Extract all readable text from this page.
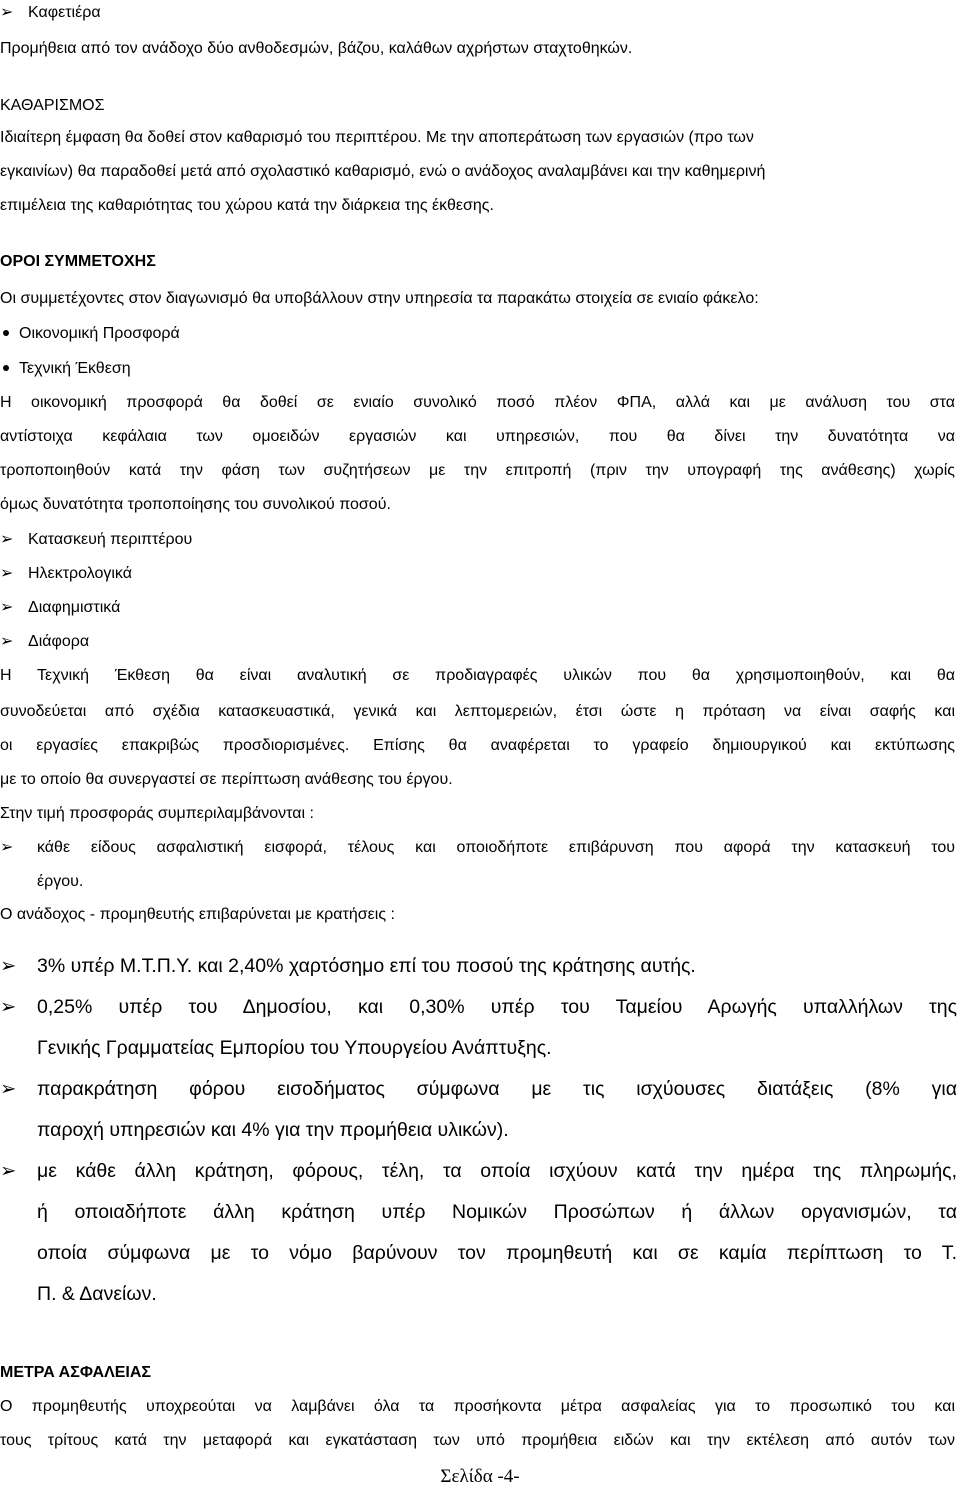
➢ Καφετιέρα
Προμήθεια από τον ανάδοχο δύο ανθοδεσμών, βάζου, καλάθων αχρήστων σταχτοθηκών.
ΚΑΘΑΡΙΣΜΟΣ
Ιδιαίτερη έμφαση θα δοθεί στον καθαρισμό του περιπτέρου. Με την αποπεράτωση των εργασιών (προ των
εγκαινίων) θα παραδοθεί μετά από σχολαστικό καθαρισμό, ενώ ο ανάδοχος αναλαμβάνει και την καθημερινή
επιμέλεια της καθαριότητας του χώρου κατά την διάρκεια της έκθεσης.
ΟΡΟΙ ΣΥΜΜΕΤΟΧΗΣ
Οι συμμετέχοντες στον διαγωνισμό θα υποβάλλουν στην υπηρεσία τα παρακάτω στοιχεία σε ενιαίο φάκελο:
Οικονομική Προσφορά
Τεχνική Έκθεση
Η οικονομική προσφορά θα δοθεί σε ενιαίο συνολικό ποσό πλέον ΦΠΑ, αλλά και με ανάλυση του στα
αντίστοιχα κεφάλαια των ομοειδών εργασιών και υπηρεσιών, που θα δίνει την δυνατότητα να
τροποποιηθούν κατά την φάση των συζητήσεων με την επιτροπή (πριν την υπογραφή της ανάθεσης) χωρίς
όμως δυνατότητα τροποποίησης του συνολικού ποσού.
➢ Κατασκευή περιπτέρου
➢ Ηλεκτρολογικά
➢ Διαφημιστικά
➢ Διάφορα
Η Τεχνική Έκθεση θα είναι αναλυτική σε προδιαγραφές υλικών που θα χρησιμοποιηθούν, και θα
συνοδεύεται από σχέδια κατασκευαστικά, γενικά και λεπτομερειών, έτσι ώστε η πρόταση να είναι σαφής και
οι εργασίες επακριβώς προσδιορισμένες. Επίσης θα αναφέρεται το γραφείο δημιουργικού και εκτύπωσης
με το οποίο θα συνεργαστεί σε περίπτωση ανάθεσης του έργου.
Στην τιμή προσφοράς συμπεριλαμβάνονται :
➢ κάθε είδους ασφαλιστική εισφορά, τέλους και οποιοδήποτε επιβάρυνση που αφορά την κατασκευή του
έργου.
Ο ανάδοχος - προμηθευτής επιβαρύνεται με κρατήσεις :
➢ 3% υπέρ Μ.Τ.Π.Υ. και 2,40% χαρτόσημο επί του ποσού της κράτησης αυτής.
➢ 0,25% υπέρ του Δημοσίου, και 0,30% υπέρ του Ταμείου Αρωγής υπαλλήλων της
Γενικής Γραμματείας Εμπορίου του Υπουργείου Ανάπτυξης.
➢ παρακράτηση φόρου εισοδήματος σύμφωνα με τις ισχύουσες διατάξεις (8% για
παροχή υπηρεσιών και 4% για την προμήθεια υλικών).
➢ με κάθε άλλη κράτηση, φόρους, τέλη, τα οποία ισχύουν κατά την ημέρα της πληρωμής,
ή οποιαδήποτε άλλη κράτηση υπέρ Νομικών Προσώπων ή άλλων οργανισμών, τα
οποία σύμφωνα με το νόμο βαρύνουν τον προμηθευτή και σε καμία περίπτωση το Τ.
Π. & Δανείων.
ΜΕΤΡΑ ΑΣΦΑΛΕΙΑΣ
Ο προμηθευτής υποχρεούται να λαμβάνει όλα τα προσήκοντα μέτρα ασφαλείας για το προσωπικό του και
τους τρίτους κατά την μεταφορά και εγκατάσταση των υπό προμήθεια ειδών και την εκτέλεση από αυτόν των
Σελίδα -4-
